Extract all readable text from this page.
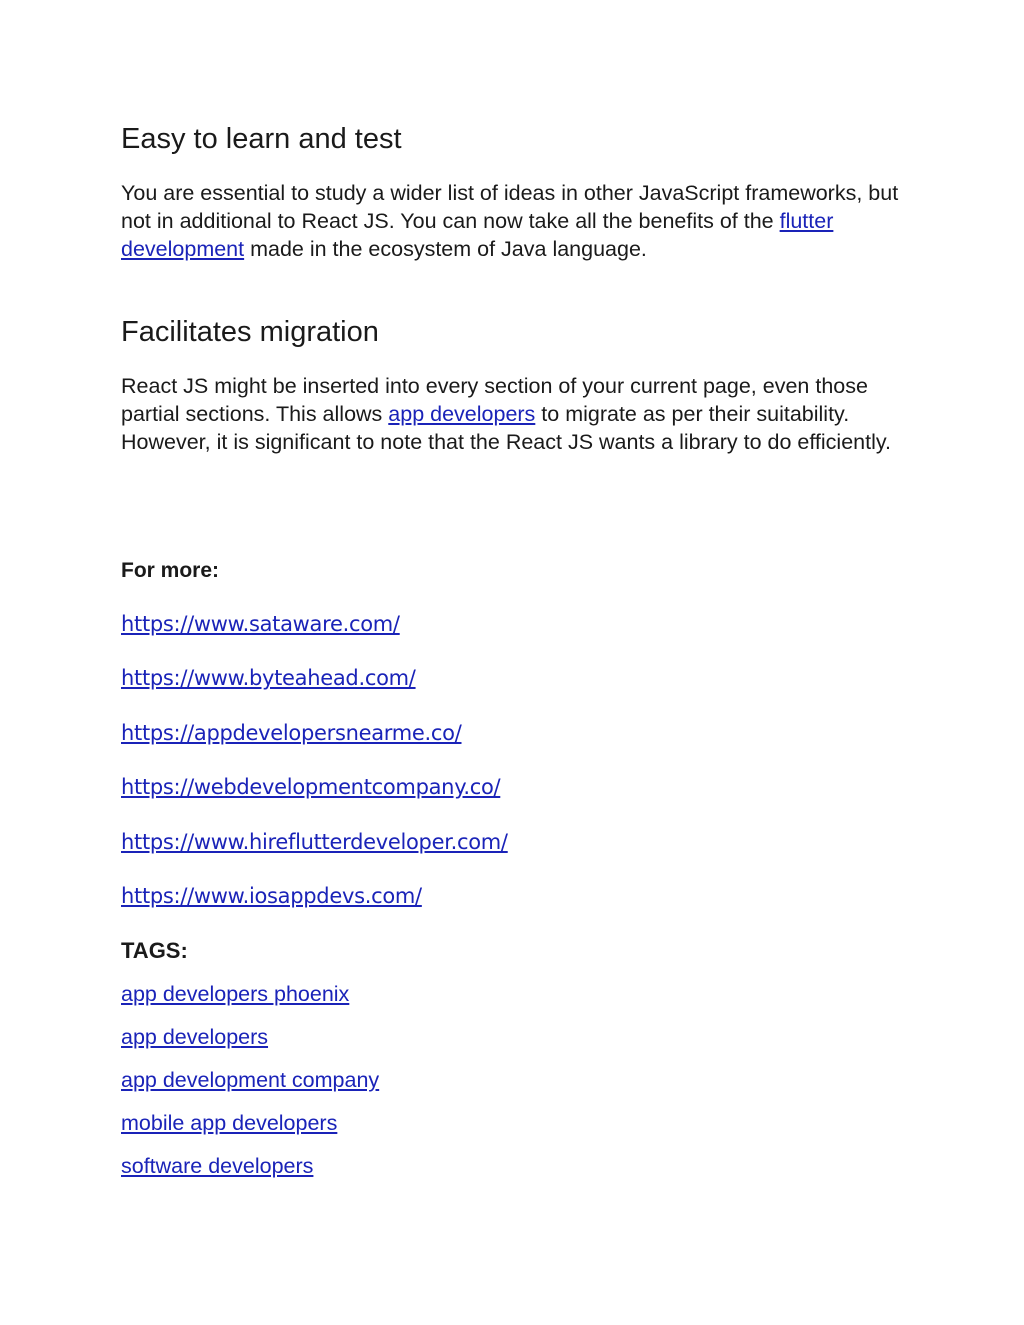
Easy to learn and test

You are essential to study a wider list of ideas in other JavaScript frameworks, but not in additional to React JS. You can now take all the benefits of the flutter development made in the ecosystem of Java language.

Facilitates migration

React JS might be inserted into every section of your current page, even those partial sections. This allows app developers to migrate as per their suitability. However, it is significant to note that the React JS wants a library to do efficiently.

For more:

https://www.sataware.com/
https://www.byteahead.com/
https://appdevelopersnearme.co/
https://webdevelopmentcompany.co/
https://www.hireflutterdeveloper.com/
https://www.iosappdevs.com/

TAGS:

app developers phoenix
app developers
app development company
mobile app developers
software developers
